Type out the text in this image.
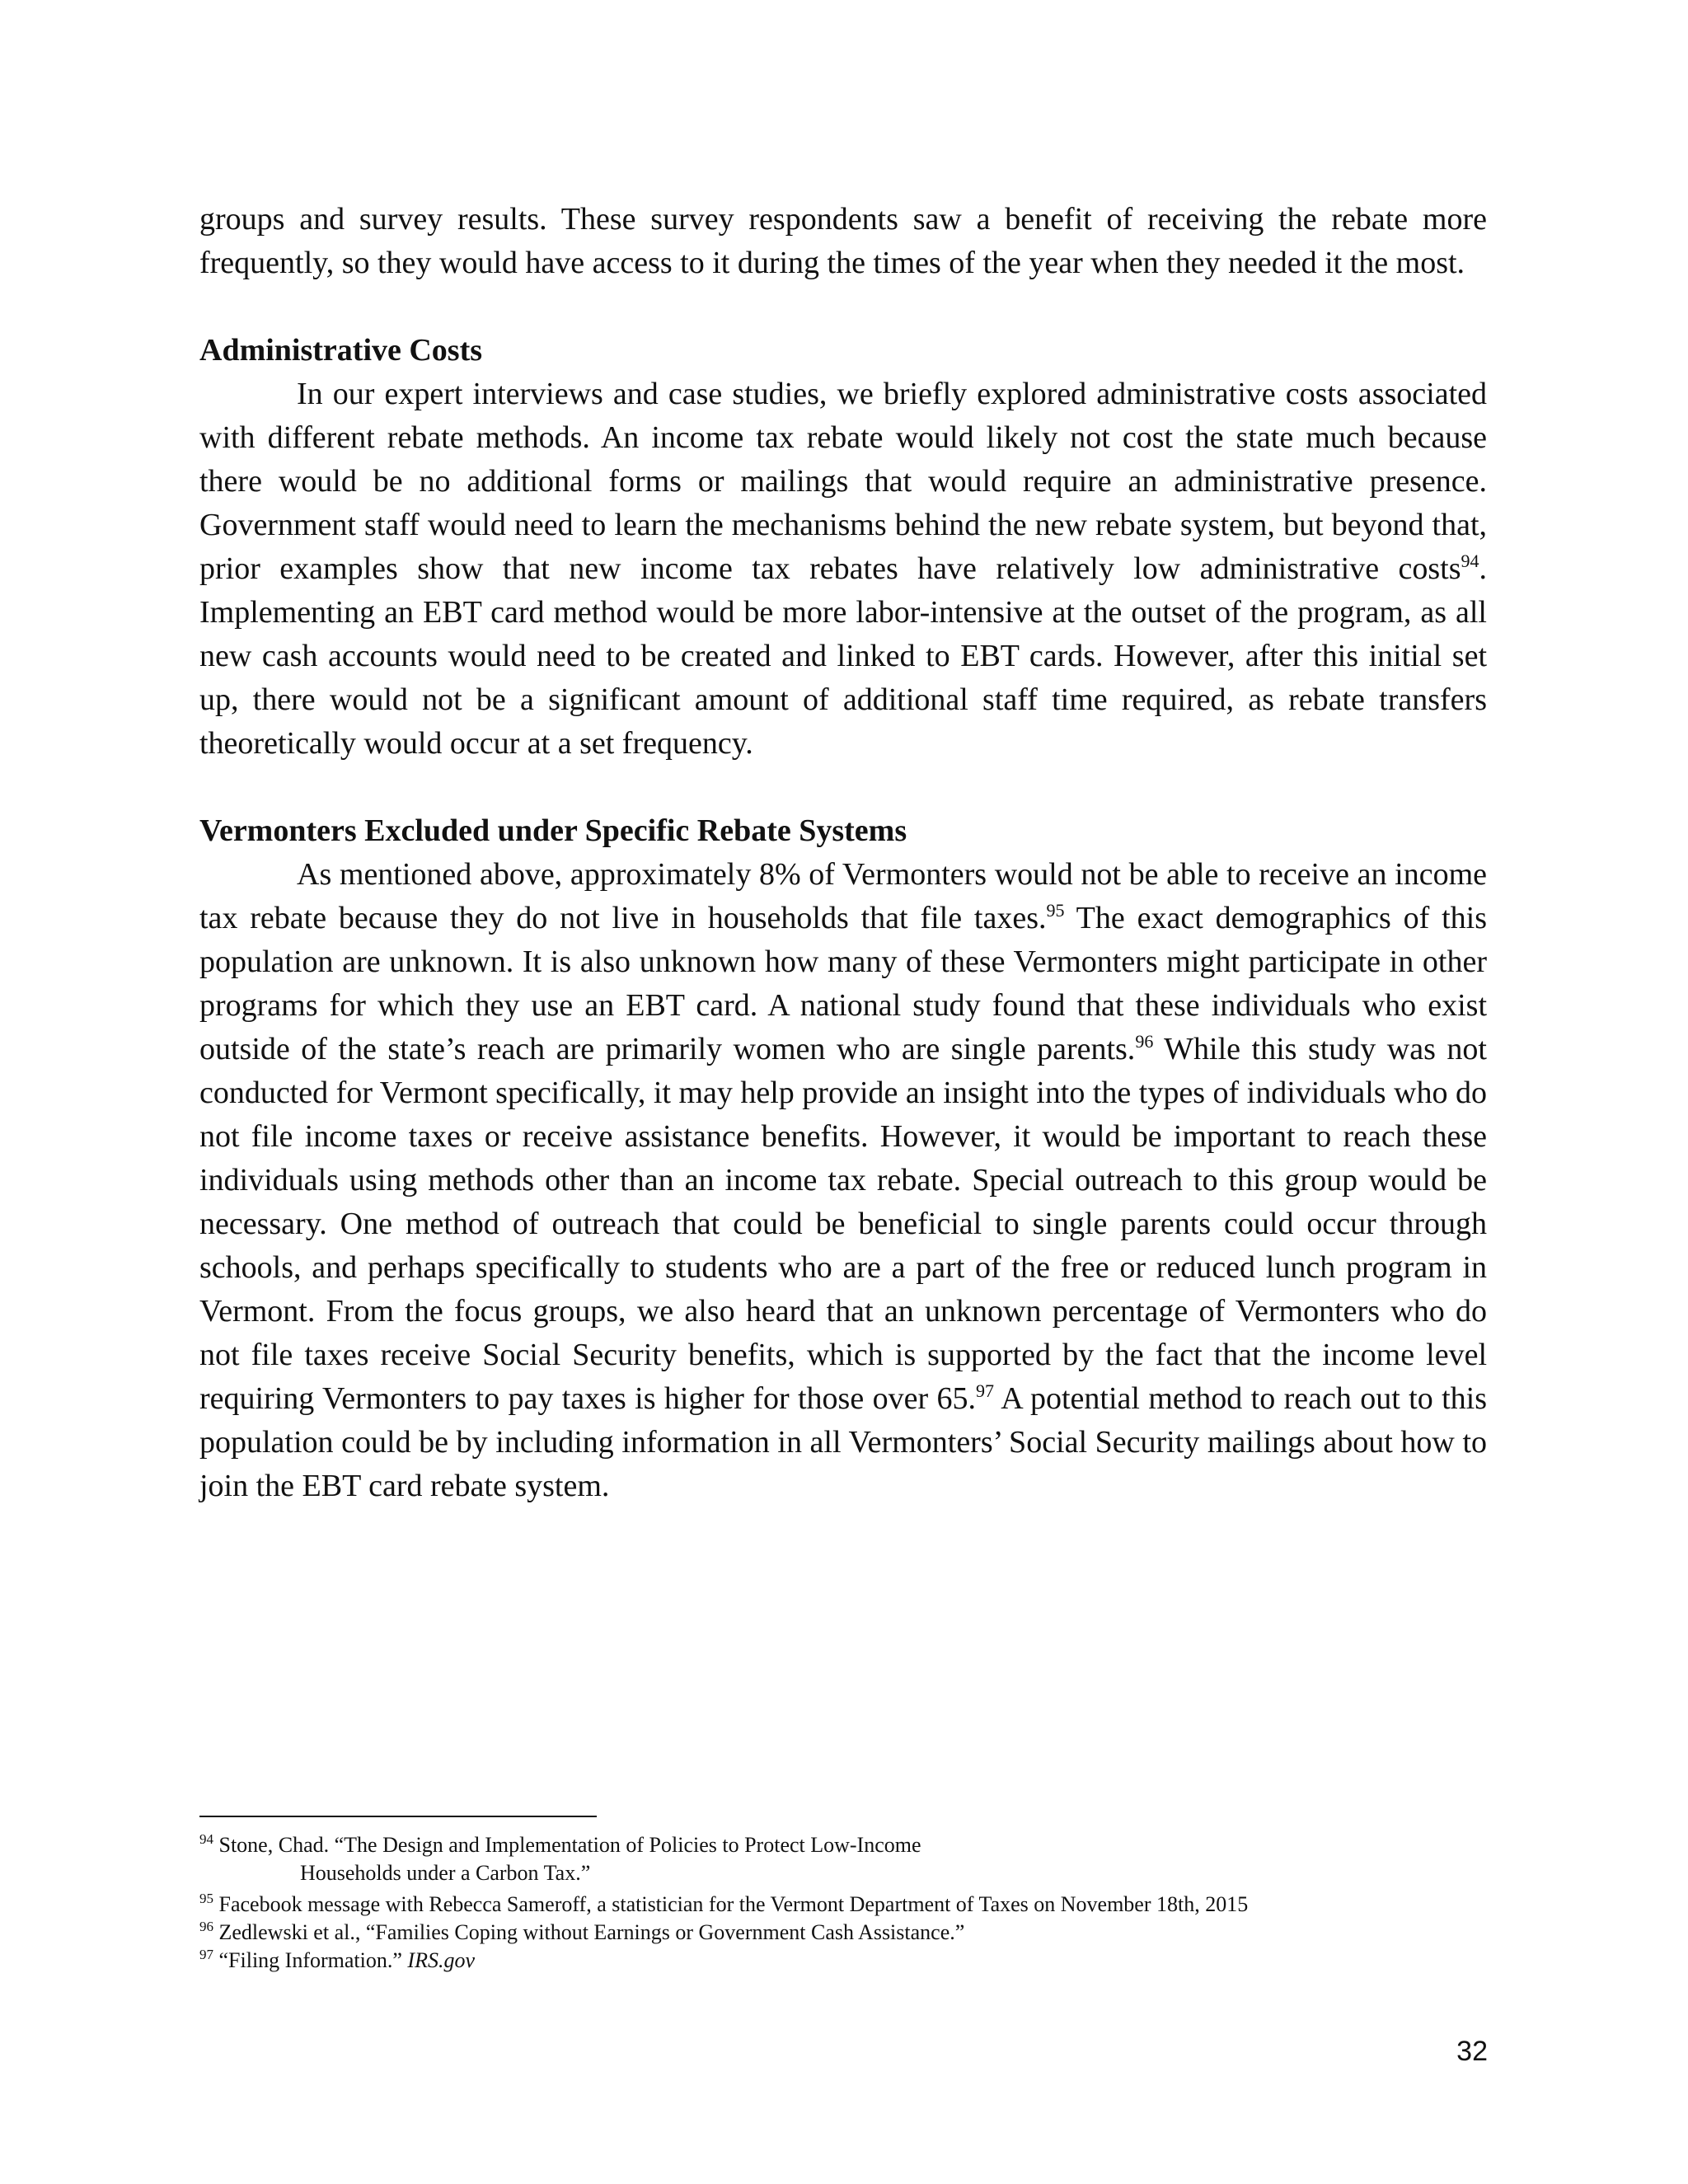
groups and survey results. These survey respondents saw a benefit of receiving the rebate more frequently, so they would have access to it during the times of the year when they needed it the most.

Administrative Costs

In our expert interviews and case studies, we briefly explored administrative costs associated with different rebate methods. An income tax rebate would likely not cost the state much because there would be no additional forms or mailings that would require an administrative presence. Government staff would need to learn the mechanisms behind the new rebate system, but beyond that, prior examples show that new income tax rebates have relatively low administrative costs$^{94}$. Implementing an EBT card method would be more labor-intensive at the outset of the program, as all new cash accounts would need to be created and linked to EBT cards. However, after this initial set up, there would not be a significant amount of additional staff time required, as rebate transfers theoretically would occur at a set frequency.

Vermonters Excluded under Specific Rebate Systems

As mentioned above, approximately 8% of Vermonters would not be able to receive an income tax rebate because they do not live in households that file taxes.$^{95}$ The exact demographics of this population are unknown. It is also unknown how many of these Vermonters might participate in other programs for which they use an EBT card. A national study found that these individuals who exist outside of the state’s reach are primarily women who are single parents.$^{96}$ While this study was not conducted for Vermont specifically, it may help provide an insight into the types of individuals who do not file income taxes or receive assistance benefits. However, it would be important to reach these individuals using methods other than an income tax rebate. Special outreach to this group would be necessary. One method of outreach that could be beneficial to single parents could occur through schools, and perhaps specifically to students who are a part of the free or reduced lunch program in Vermont. From the focus groups, we also heard that an unknown percentage of Vermonters who do not file taxes receive Social Security benefits, which is supported by the fact that the income level requiring Vermonters to pay taxes is higher for those over 65.97 A potential method to reach out to this population could be by including information in all Vermonters’ Social Security mailings about how to join the EBT card rebate system.

$^{94}$ Stone, Chad. “The Design and Implementation of Policies to Protect Low-Income

Households under a Carbon Tax.”

$^{95}$ Facebook message with Rebecca Sameroff, a statistician for the Vermont Department of Taxes on November 18th, 2015

$^{96}$ Zedlewski et al., “Families Coping without Earnings or Government Cash Assistance.”

$^{97}$ “Filing Information.” IRS.gov

32
